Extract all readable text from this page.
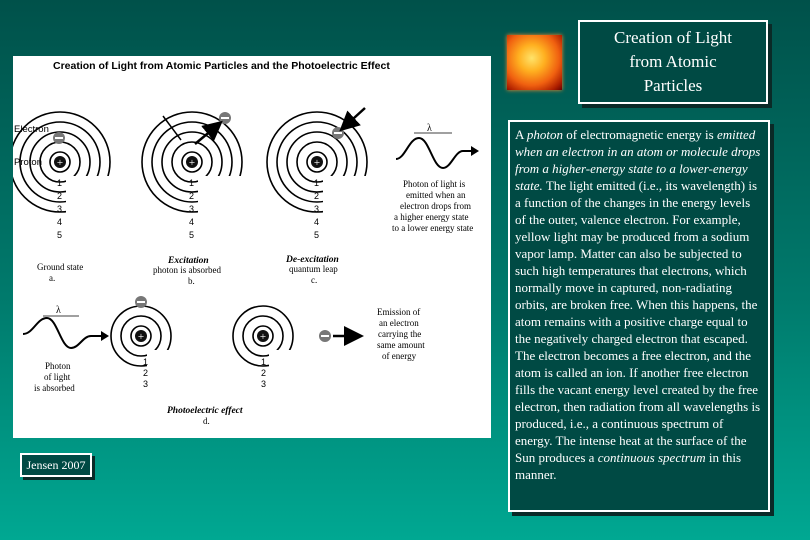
Creation of Light
from Atomic
Particles
Creation of Light from Atomic Particles and the Photoelectric Effect
+
Electron
Proton
1
2
3
4
5
Ground state
a.
+
1
2
3
4
5
Excitation
photon is absorbed
b.
+
1
2
3
4
5
De-excitation
quantum leap
c.
λ
Photon of light is
emitted when an
electron drops from
a higher energy state
to a lower energy state
λ
Photon
of light
is absorbed
+
1
2
3
+
1
2
3
Emission of
an electron
carrying the
same amount
of energy
Photoelectric effect
d.
Jensen 2007
A photon of electromagnetic energy is emitted when an electron in an atom or molecule drops from a higher-energy state to a lower-energy state. The light emitted (i.e., its wavelength) is a function of the changes in the energy levels of the outer, valence electron. For example, yellow light may be produced from a sodium vapor lamp. Matter can also be subjected to such high temperatures that electrons, which normally move in captured, non-radiating orbits, are broken free. When this happens, the atom remains with a positive charge equal to the negatively charged electron that escaped. The electron becomes a free electron, and the atom is called an ion. If another free electron fills the vacant energy level created by the free electron, then radiation from all wavelengths is produced, i.e., a continuous spectrum of energy. The intense heat at the surface of the Sun produces a continuous spectrum in this manner.
